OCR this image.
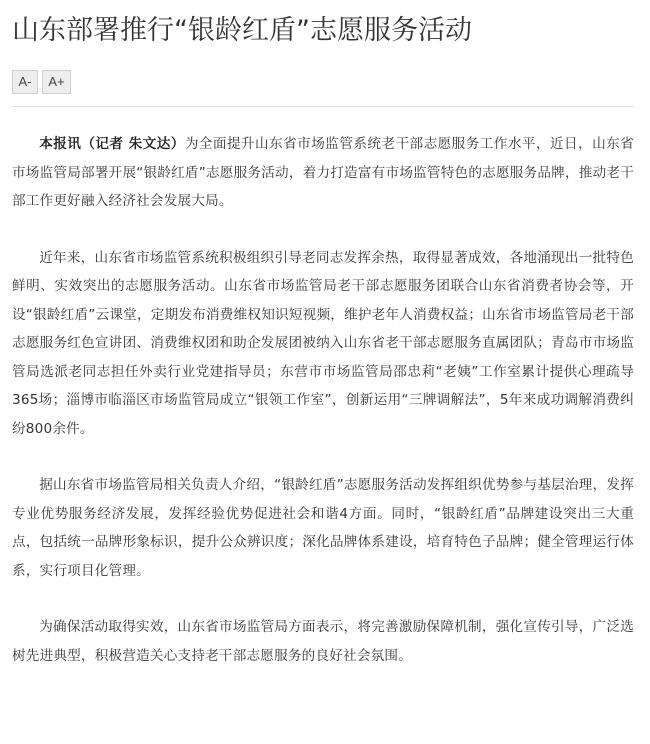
山东部署推行“银龄红盾”志愿服务活动
A-	A+

本报讯（记者 朱文达）为全面提升山东省市场监管系统老干部志愿服务工作水平，近日，山东省市场监管局部署开展“银龄红盾”志愿服务活动，着力打造富有市场监管特色的志愿服务品牌，推动老干部工作更好融入经济社会发展大局。

近年来，山东省市场监管系统积极组织引导老同志发挥余热，取得显著成效，各地涌现出一批特色鲜明、实效突出的志愿服务活动。山东省市场监管局老干部志愿服务团联合山东省消费者协会等，开设“银龄红盾”云课堂，定期发布消费维权知识短视频，维护老年人消费权益；山东省市场监管局老干部志愿服务红色宣讲团、消费维权团和助企发展团被纳入山东省老干部志愿服务直属团队；青岛市市场监管局选派老同志担任外卖行业党建指导员；东营市市场监管局邵忠莉“老姨”工作室累计提供心理疏导365场；淄博市临淄区市场监管局成立“银领工作室”，创新运用“三牌调解法”，5年来成功调解消费纠纷800余件。

据山东省市场监管局相关负责人介绍，“银龄红盾”志愿服务活动发挥组织优势参与基层治理，发挥专业优势服务经济发展，发挥经验优势促进社会和谐4方面。同时，“银龄红盾”品牌建设突出三大重点，包括统一品牌形象标识，提升公众辨识度；深化品牌体系建设，培育特色子品牌；健全管理运行体系，实行项目化管理。

为确保活动取得实效，山东省市场监管局方面表示，将完善激励保障机制，强化宣传引导，广泛选树先进典型，积极营造关心支持老干部志愿服务的良好社会氛围。
